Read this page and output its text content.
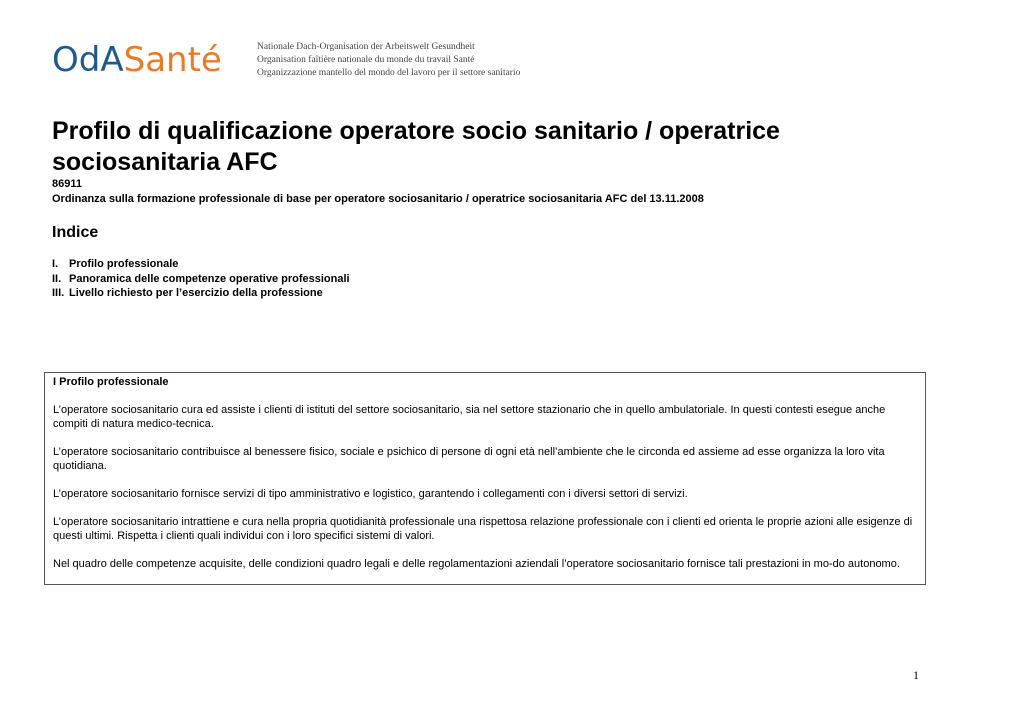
OdASanté	Nationale Dach-Organisation der Arbeitswelt Gesundheit
Organisation faîtière nationale du monde du travail Santé
Organizzazione mantello del mondo del lavoro per il settore sanitario
Profilo di qualificazione operatore socio sanitario / operatrice sociosanitaria AFC
86911
Ordinanza sulla formazione professionale di base per operatore sociosanitario / operatrice sociosanitaria AFC del 13.11.2008
Indice
I. Profilo professionale
II. Panoramica delle competenze operative professionali
III. Livello richiesto per l’esercizio della professione
I Profilo professionale

L’operatore sociosanitario cura ed assiste i clienti di istituti del settore sociosanitario, sia nel settore stazionario che in quello ambulatoriale. In questi contesti esegue anche compiti di natura medico-tecnica.

L’operatore sociosanitario contribuisce al benessere fisico, sociale e psichico di persone di ogni età nell’ambiente che le circonda ed assieme ad esse organizza la loro vita quotidiana.

L’operatore sociosanitario fornisce servizi di tipo amministrativo e logistico, garantendo i collegamenti con i diversi settori di servizi.

L’operatore sociosanitario intrattiene e cura nella propria quotidianità professionale una rispettosa relazione professionale con i clienti ed orienta le proprie azioni alle esigenze di questi ultimi. Rispetta i clienti quali individui con i loro specifici sistemi di valori.

Nel quadro delle competenze acquisite, delle condizioni quadro legali e delle regolamentazioni aziendali l’operatore sociosanitario fornisce tali prestazioni in mo-do autonomo.

1
